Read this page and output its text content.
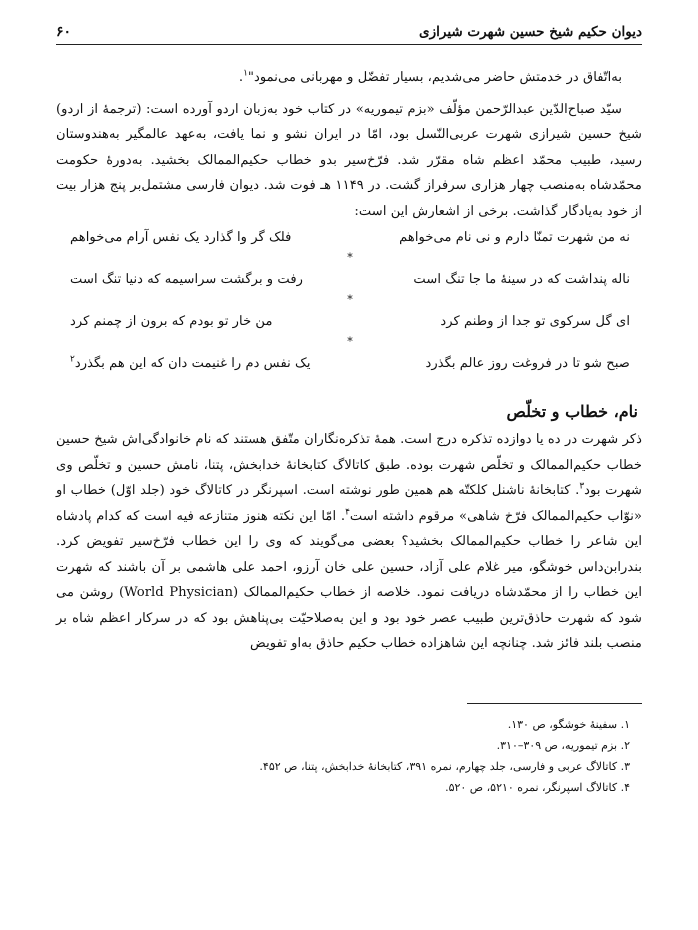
دیوان حکیم شیخ حسین شهرت شیرازی
۶۰

به‌اتّفاق در خدمتش حاضر می‌شدیم، بسیار تفضّل و مهربانی می‌نمود"$^۱$.

سیّد صباح‌الدّین عبدالرّحمن مؤلّف «بزم تیموریه» در کتاب خود به‌زبان اردو آورده است: (ترجمهٔ از اردو) شیخ حسین شیرازی شهرت عربی‌النّسل بود، امّا در ایران نشو و نما یافت، به‌عهد عالمگیر به‌هندوستان رسید، طبیب محمّد اعظم شاه مقرّر شد. فرّخ‌سیر بدو خطاب حکیم‌الممالک بخشید. به‌دورهٔ حکومت محمّدشاه به‌منصب چهار هزاری سرفراز گشت. در ۱۱۴۹ هـ فوت شد. دیوان فارسی مشتمل‌بر پنج هزار بیت از خود به‌یادگار گذاشت. برخی از اشعارش این است:

نه من شهرت تمنّا دارم و نی نام می‌خواهم
فلک گر وا گذارد یک نفس آرام می‌خواهم
*
ناله پنداشت که در سینهٔ ما جا تنگ است
رفت و برگشت سراسیمه که دنیا تنگ است
*
ای گل سرکوی تو جدا از وطنم کرد
من خار تو بودم که برون از چمنم کرد
*
صبح شو تا در فروغت روز عالم بگذرد
یک نفس دم را غنیمت دان که این هم بگذرد$^۲$
نام، خطاب و تخلّص

ذکر شهرت در ده یا دوازده تذکره درج است. همهٔ تذکره‌نگاران متّفق هستند که نام خانوادگی‌اش شیخ حسین خطاب حکیم‌الممالک و تخلّص شهرت بوده. طبق کاتالاگ کتابخانهٔ خدابخش، پتنا، نامش حسین و تخلّص وی شهرت بود$^۳$. کتابخانهٔ ناشنل کلکتّه هم همین طور نوشته است. اسپرنگر در کاتالاگ خود (جلد اوّل) خطاب او «نوّاب حکیم‌الممالک فرّخ شاهی» مرقوم داشته است$^۴$. امّا این نکته هنوز متنازعه فیه است که کدام پادشاه این شاعر را خطاب حکیم‌الممالک بخشید؟ بعضی می‌گویند که وی را این خطاب فرّخ‌سیر تفویض کرد. بندرابن‌داس خوشگو، میر غلام علی آزاد، حسین علی خان آرزو، احمد علی هاشمی بر آن باشند که شهرت این خطاب را از محمّدشاه دریافت نمود. خلاصه از خطاب حکیم‌الممالک (World Physician) روشن می شود که شهرت حاذق‌ترین طبیب عصر خود بود و این به‌صلاحیّت بی‌پناهش بود که در سرکار اعظم شاه بر منصب بلند فائز شد. چنانچه این شاهزاده خطاب حکیم حاذق به‌او تفویض

۱. سفینهٔ خوشگو، ص ۱۳۰.
۲. بزم تیموریه، ص ۳۰۹–۳۱۰.
۳. کاتالاگ عربی و فارسی، جلد چهارم، نمره ۳۹۱، کتابخانهٔ خدابخش، پتنا، ص ۴۵۲.
۴. کاتالاگ اسپرنگر، نمره ۵۲۱۰، ص ۵۲۰.
